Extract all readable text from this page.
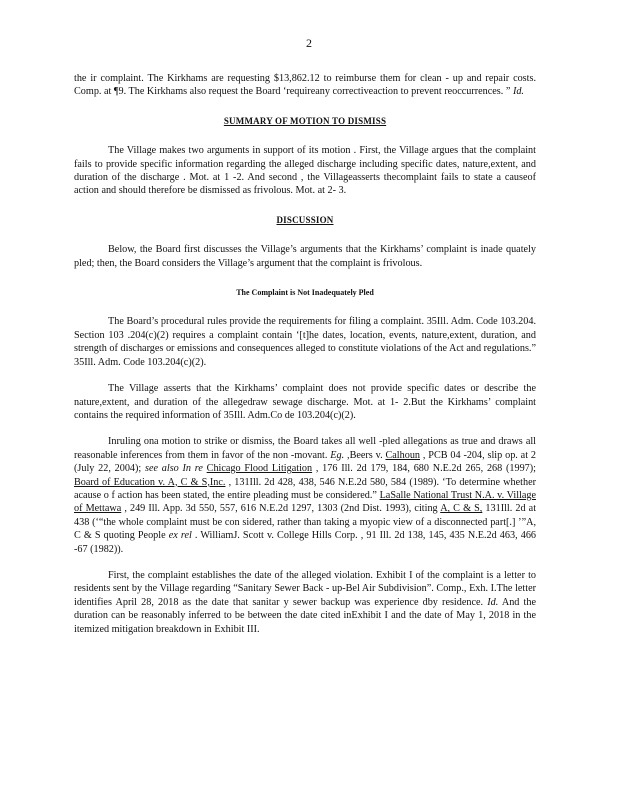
2

the ir complaint. The Kirkhams are requesting $13,862.12 to reimburse them for clean - up and repair costs. Comp. at ¶9. The Kirkhams also request the Board ‘requireany correctiveaction to prevent reoccurrences. ” Id.

SUMMARY OF MOTION TO DISMISS

The Village makes two arguments in support of its motion . First, the Village argues that the complaint fails to provide specific information regarding the alleged discharge including specific dates, nature,extent, and duration of the discharge . Mot. at 1 -2. And second , the Villageasserts thecomplaint fails to state a causeof action and should therefore be dismissed as frivolous. Mot. at 2- 3.

DISCUSSION

Below, the Board first discusses the Village’s arguments that the Kirkhams’ complaint is inade quately pled; then, the Board considers the Village’s argument that the complaint is frivolous.

The Complaint is Not Inadequately Pled

The Board’s procedural rules provide the requirements for filing a complaint. 35Ill. Adm. Code 103.204. Section 103 .204(c)(2) requires a complaint contain ‘[t]he dates, location, events, nature,extent, duration, and strength of discharges or emissions and consequences alleged to constitute violations of the Act and regulations.” 35Ill. Adm. Code 103.204(c)(2).

The Village asserts that the Kirkhams’ complaint does not provide specific dates or describe the nature,extent, and duration of the allegedraw sewage discharge. Mot. at 1- 2.But the Kirkhams’ complaint contains the required information of 35Ill. Adm.Co de 103.204(c)(2).

Inruling ona motion to strike or dismiss, the Board takes all well -pled allegations as true and draws all reasonable inferences from them in favor of the non -movant. Eg. ,Beers v. Calhoun , PCB 04 -204, slip op. at 2 (July 22, 2004); see also In re Chicago Flood Litigation , 176 Ill. 2d 179, 184, 680 N.E.2d 265, 268 (1997); Board of Education v. A, C & S,Inc. , 131Ill. 2d 428, 438, 546 N.E.2d 580, 584 (1989). ‘To determine whether acause o f action has been stated, the entire pleading must be considered.” LaSalle National Trust N.A. v. Village of Mettawa , 249 Ill. App. 3d 550, 557, 616 N.E.2d 1297, 1303 (2nd Dist. 1993), citing A, C & S, 131Ill. 2d at 438 (‘“the whole complaint must be con sidered, rather than taking a myopic view of a disconnected part[.] ’”A, C & S quoting People ex rel . WilliamJ. Scott v. College Hills Corp. , 91 Ill. 2d 138, 145, 435 N.E.2d 463, 466 -67 (1982)).

First, the complaint establishes the date of the alleged violation. Exhibit I of the complaint is a letter to residents sent by the Village regarding “Sanitary Sewer Back - up-Bel Air Subdivision”. Comp., Exh. I.The letter identifies April 28, 2018 as the date that sanitar y sewer backup was experience dby residence. Id. And the duration can be reasonably inferred to be between the date cited inExhibit I and the date of May 1, 2018 in the itemized mitigation breakdown in Exhibit III.
